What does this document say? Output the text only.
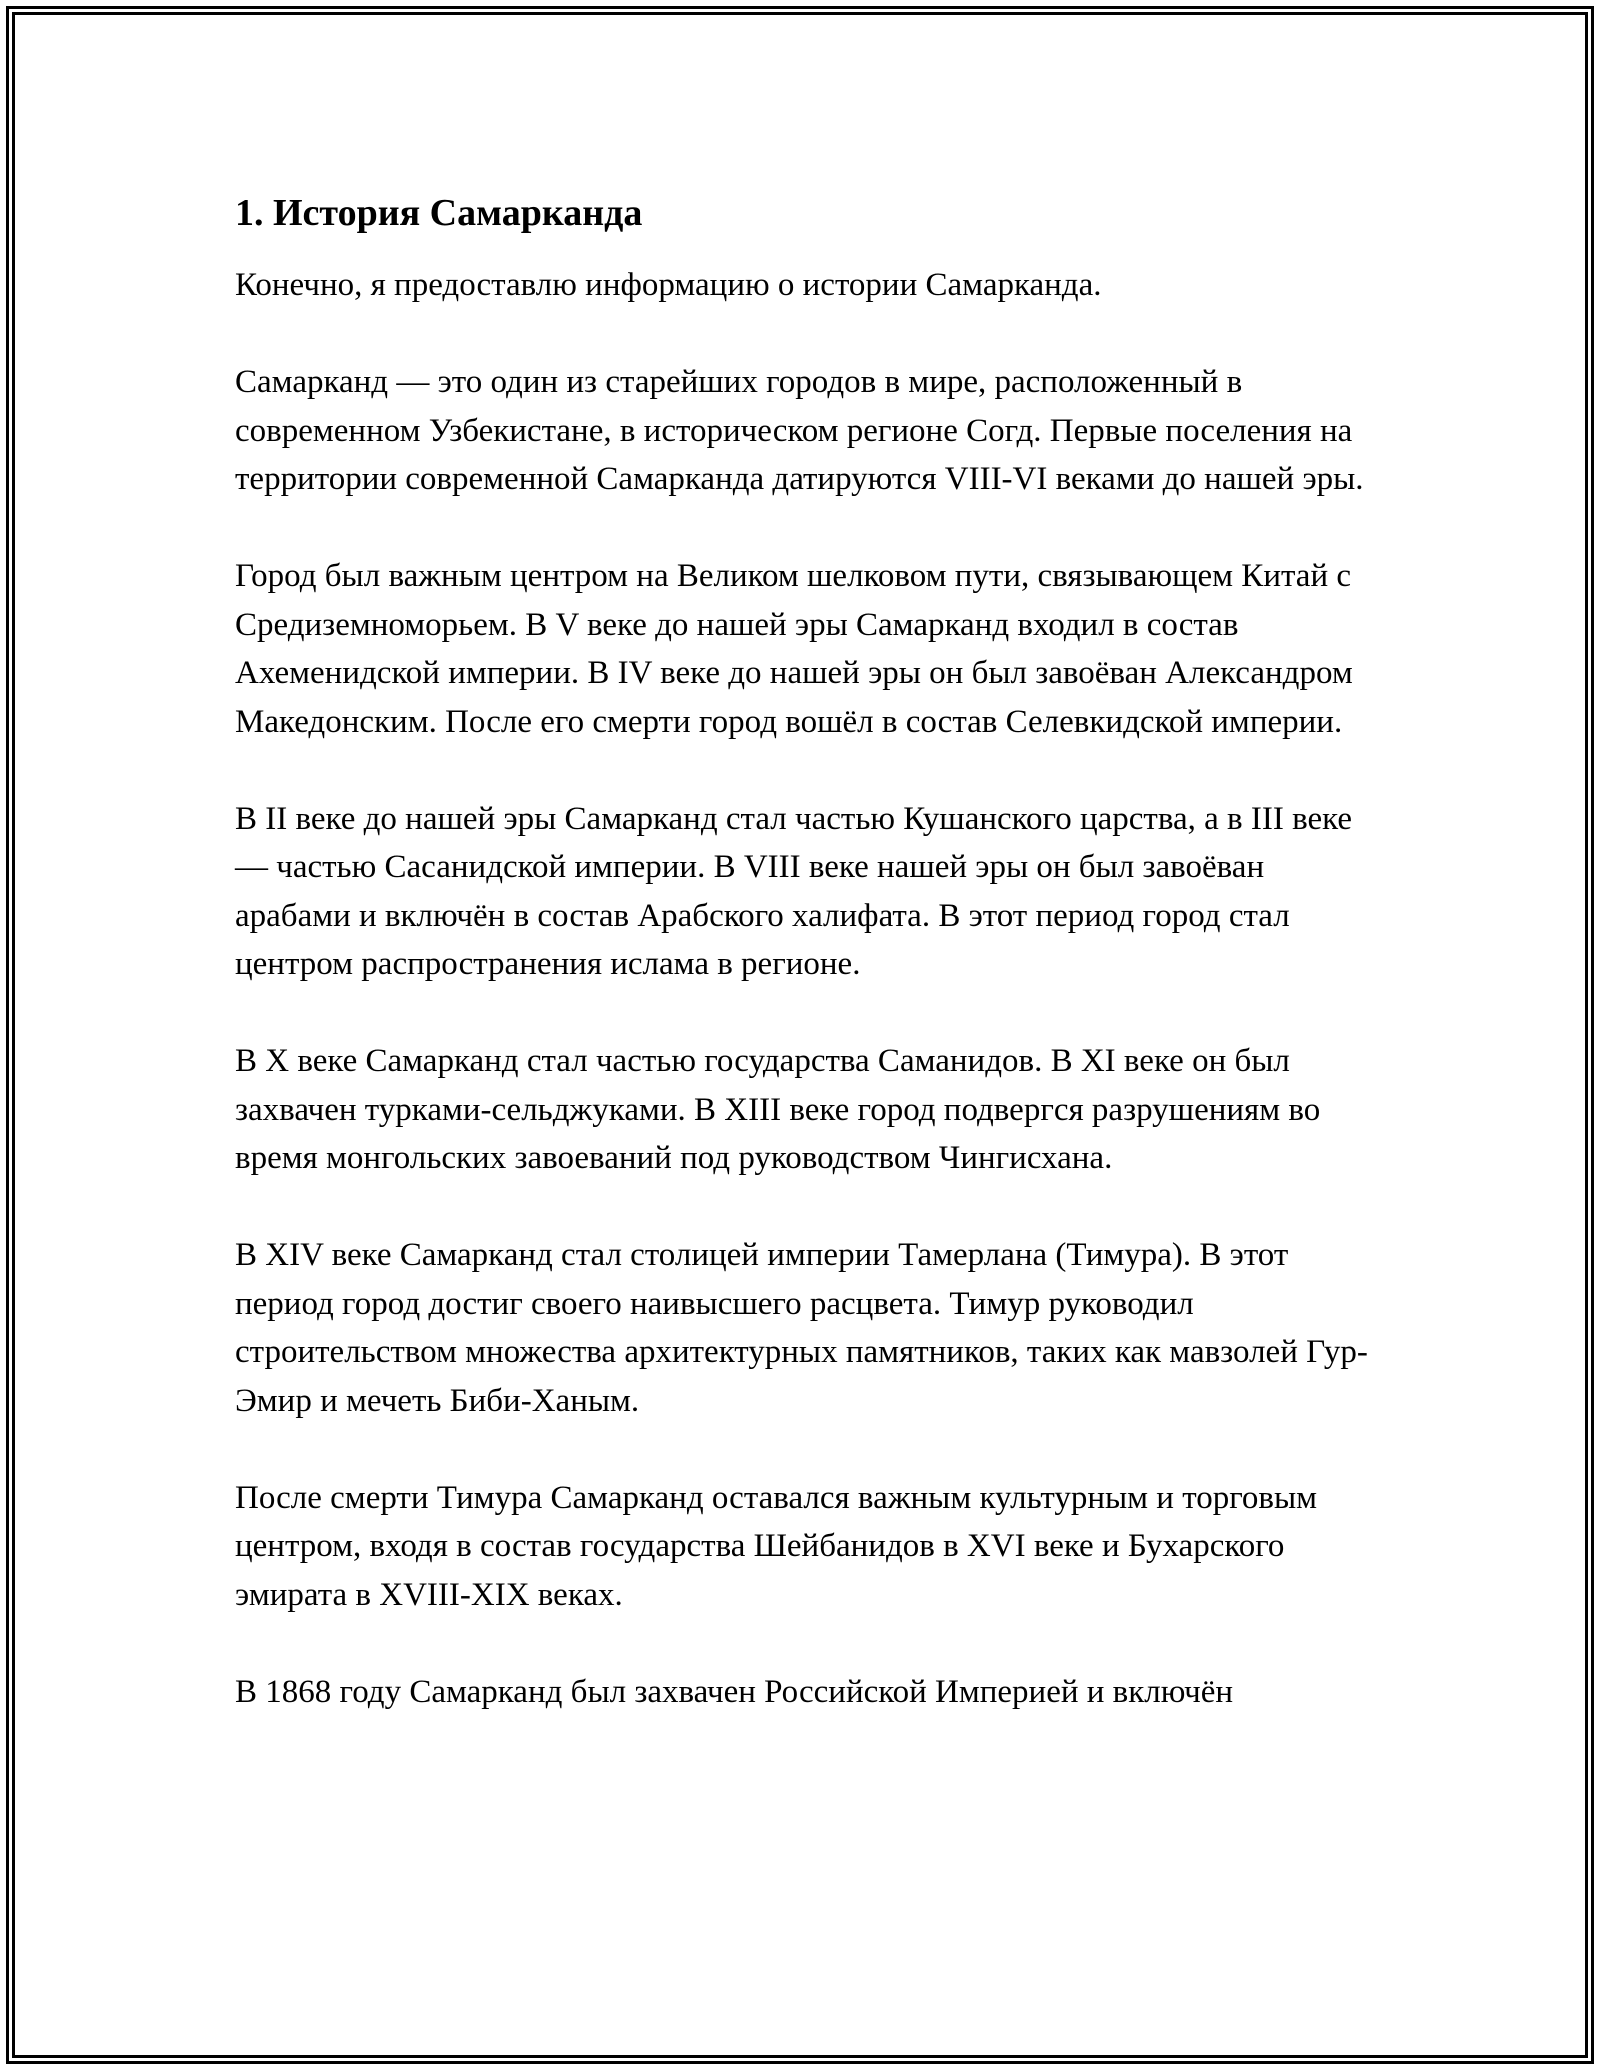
1. История Самарканда

Конечно, я предоставлю информацию о истории Самарканда.

Самарканд — это один из старейших городов в мире, расположенный в современном Узбекистане, в историческом регионе Согд. Первые поселения на территории современной Самарканда датируются VIII-VI веками до нашей эры.

Город был важным центром на Великом шелковом пути, связывающем Китай с Средиземноморьем. В V веке до нашей эры Самарканд входил в состав Ахеменидской империи. В IV веке до нашей эры он был завоёван Александром Македонским. После его смерти город вошёл в состав Селевкидской империи.

В II веке до нашей эры Самарканд стал частью Кушанского царства, а в III веке — частью Сасанидской империи. В VIII веке нашей эры он был завоёван арабами и включён в состав Арабского халифата. В этот период город стал центром распространения ислама в регионе.

В X веке Самарканд стал частью государства Саманидов. В XI веке он был захвачен турками-сельджуками. В XIII веке город подвергся разрушениям во время монгольских завоеваний под руководством Чингисхана.

В XIV веке Самарканд стал столицей империи Тамерлана (Тимура). В этот период город достиг своего наивысшего расцвета. Тимур руководил строительством множества архитектурных памятников, таких как мавзолей Гур-Эмир и мечеть Биби-Ханым.

После смерти Тимура Самарканд оставался важным культурным и торговым центром, входя в состав государства Шейбанидов в XVI веке и Бухарского эмирата в XVIII-XIX веках.

В 1868 году Самарканд был захвачен Российской Империей и включён
